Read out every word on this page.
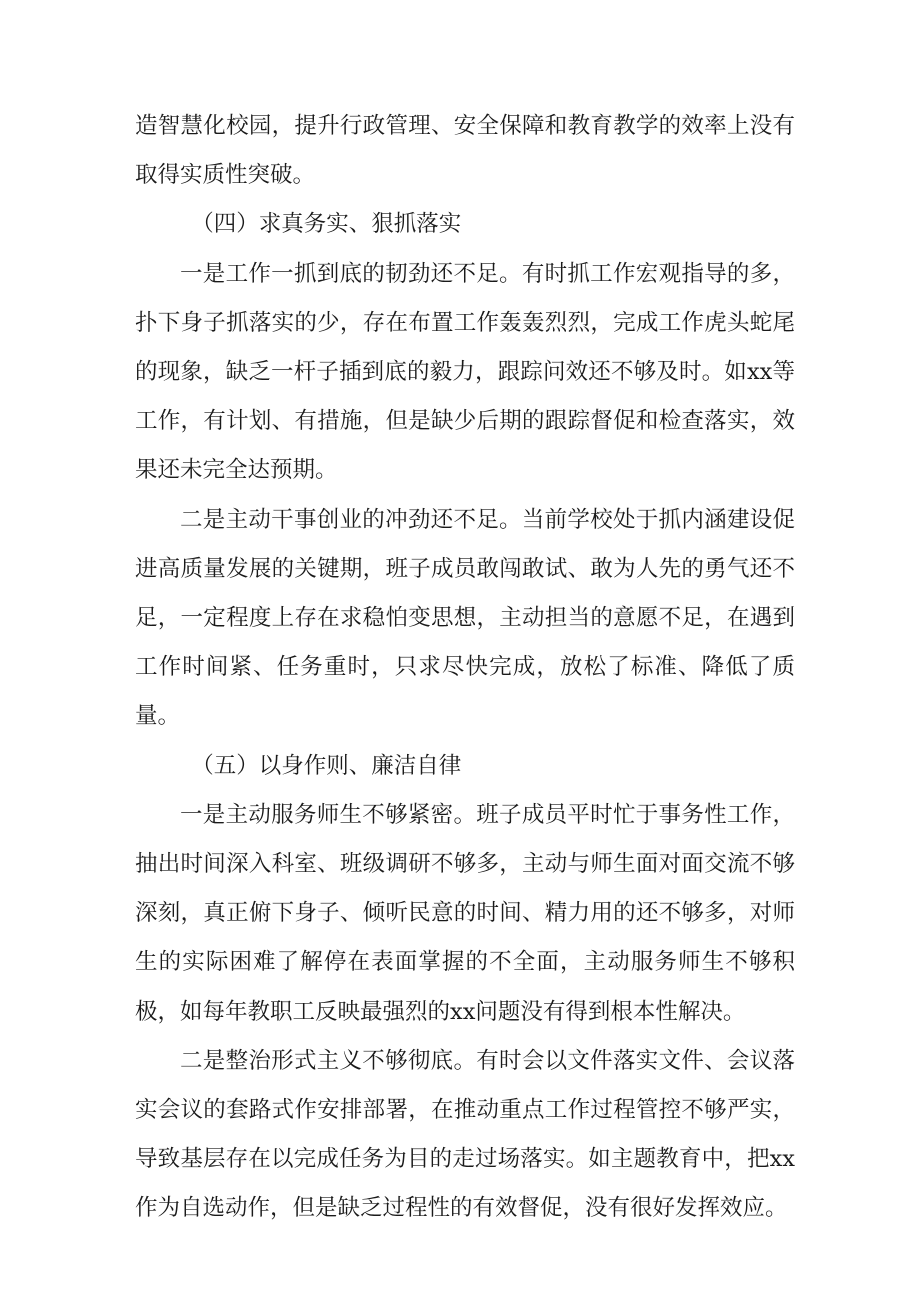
造智慧化校园，提升行政管理、安全保障和教育教学的效率上没有取得实质性突破。

（四）求真务实、狠抓落实

一是工作一抓到底的韧劲还不足。有时抓工作宏观指导的多，扑下身子抓落实的少，存在布置工作轰轰烈烈，完成工作虎头蛇尾的现象，缺乏一杆子插到底的毅力，跟踪问效还不够及时。如xx等工作，有计划、有措施，但是缺少后期的跟踪督促和检查落实，效果还未完全达预期。

二是主动干事创业的冲劲还不足。当前学校处于抓内涵建设促进高质量发展的关键期，班子成员敢闯敢试、敢为人先的勇气还不足，一定程度上存在求稳怕变思想，主动担当的意愿不足，在遇到工作时间紧、任务重时，只求尽快完成，放松了标准、降低了质量。

（五）以身作则、廉洁自律

一是主动服务师生不够紧密。班子成员平时忙于事务性工作，抽出时间深入科室、班级调研不够多，主动与师生面对面交流不够深刻，真正俯下身子、倾听民意的时间、精力用的还不够多，对师生的实际困难了解停在表面掌握的不全面，主动服务师生不够积极，如每年教职工反映最强烈的xx问题没有得到根本性解决。

二是整治形式主义不够彻底。有时会以文件落实文件、会议落实会议的套路式作安排部署，在推动重点工作过程管控不够严实，导致基层存在以完成任务为目的走过场落实。如主题教育中，把xx作为自选动作，但是缺乏过程性的有效督促，没有很好发挥效应。
